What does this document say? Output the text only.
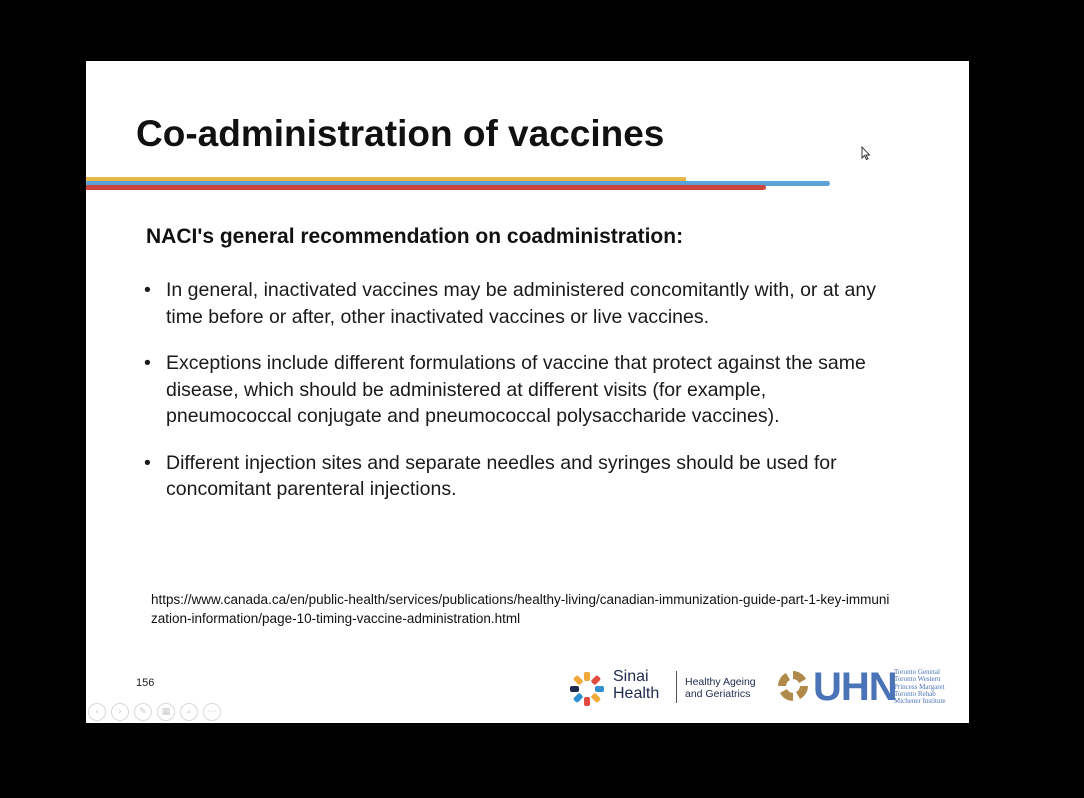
Co-administration of vaccines
NACI's general recommendation on coadministration:
• In general, inactivated vaccines may be administered concomitantly with, or at any time before or after, other inactivated vaccines or live vaccines.
• Exceptions include different formulations of vaccine that protect against the same disease, which should be administered at different visits (for example, pneumococcal conjugate and pneumococcal polysaccharide vaccines).
• Different injection sites and separate needles and syringes should be used for concomitant parenteral injections.
https://www.canada.ca/en/public-health/services/publications/healthy-living/canadian-immunization-guide-part-1-key-immunization-information/page-10-timing-vaccine-administration.html
156	Sinai
Health
Healthy Ageing
and Geriatrics UHN
Toronto General
Toronto Western
Princess Margaret
Toronto Rehab
Michener Institute
‹	›	✎	▦	⌕	⋯
